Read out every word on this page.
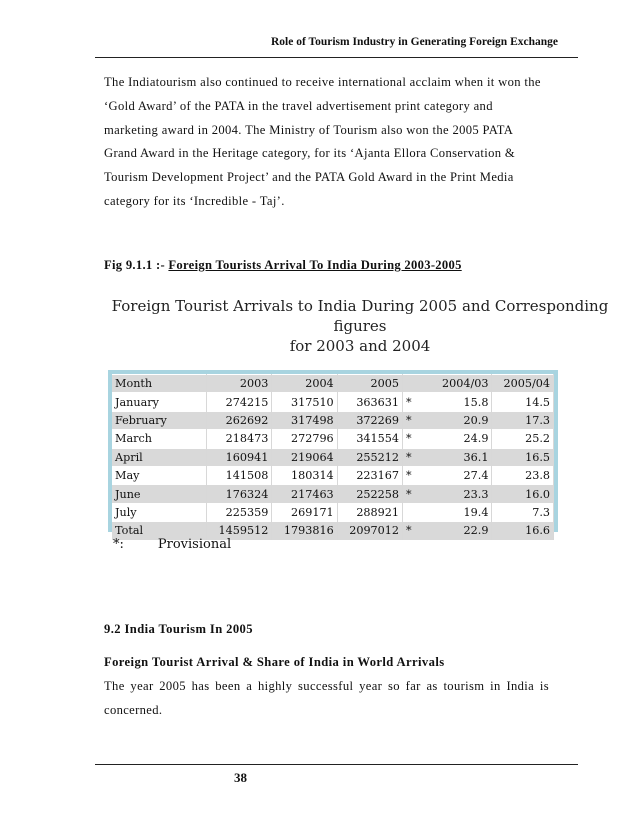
Role of Tourism Industry in Generating Foreign Exchange
The Indiatourism also continued to receive international acclaim when it won the ‘Gold Award’ of the PATA in the travel advertisement print category and marketing award in 2004. The Ministry of Tourism also won the 2005 PATA Grand Award in the Heritage category, for its ‘Ajanta Ellora Conservation & Tourism Development Project’ and the PATA Gold Award in the Print Media category for its ‘Incredible - Taj’.
Fig 9.1.1 :- Foreign Tourists Arrival To India During 2003-2005
Foreign Tourist Arrivals to India During 2005 and Corresponding figures
for 2003 and 2004
Month	2003	2004	2005		2004/03	2005/04
January	274215	317510	363631	*	15.8	14.5
February	262692	317498	372269	*	20.9	17.3
March	218473	272796	341554	*	24.9	25.2
April	160941	219064	255212	*	36.1	16.5
May	141508	180314	223167	*	27.4	23.8
June	176324	217463	252258	*	23.3	16.0
July	225359	269171	288921		19.4	7.3
Total	1459512	1793816	2097012	*	22.9	16.6
*:	Provisional
9.2 India Tourism In 2005
Foreign Tourist Arrival & Share of India in World Arrivals
The year 2005 has been a highly successful year so far as tourism in India is concerned.
38
